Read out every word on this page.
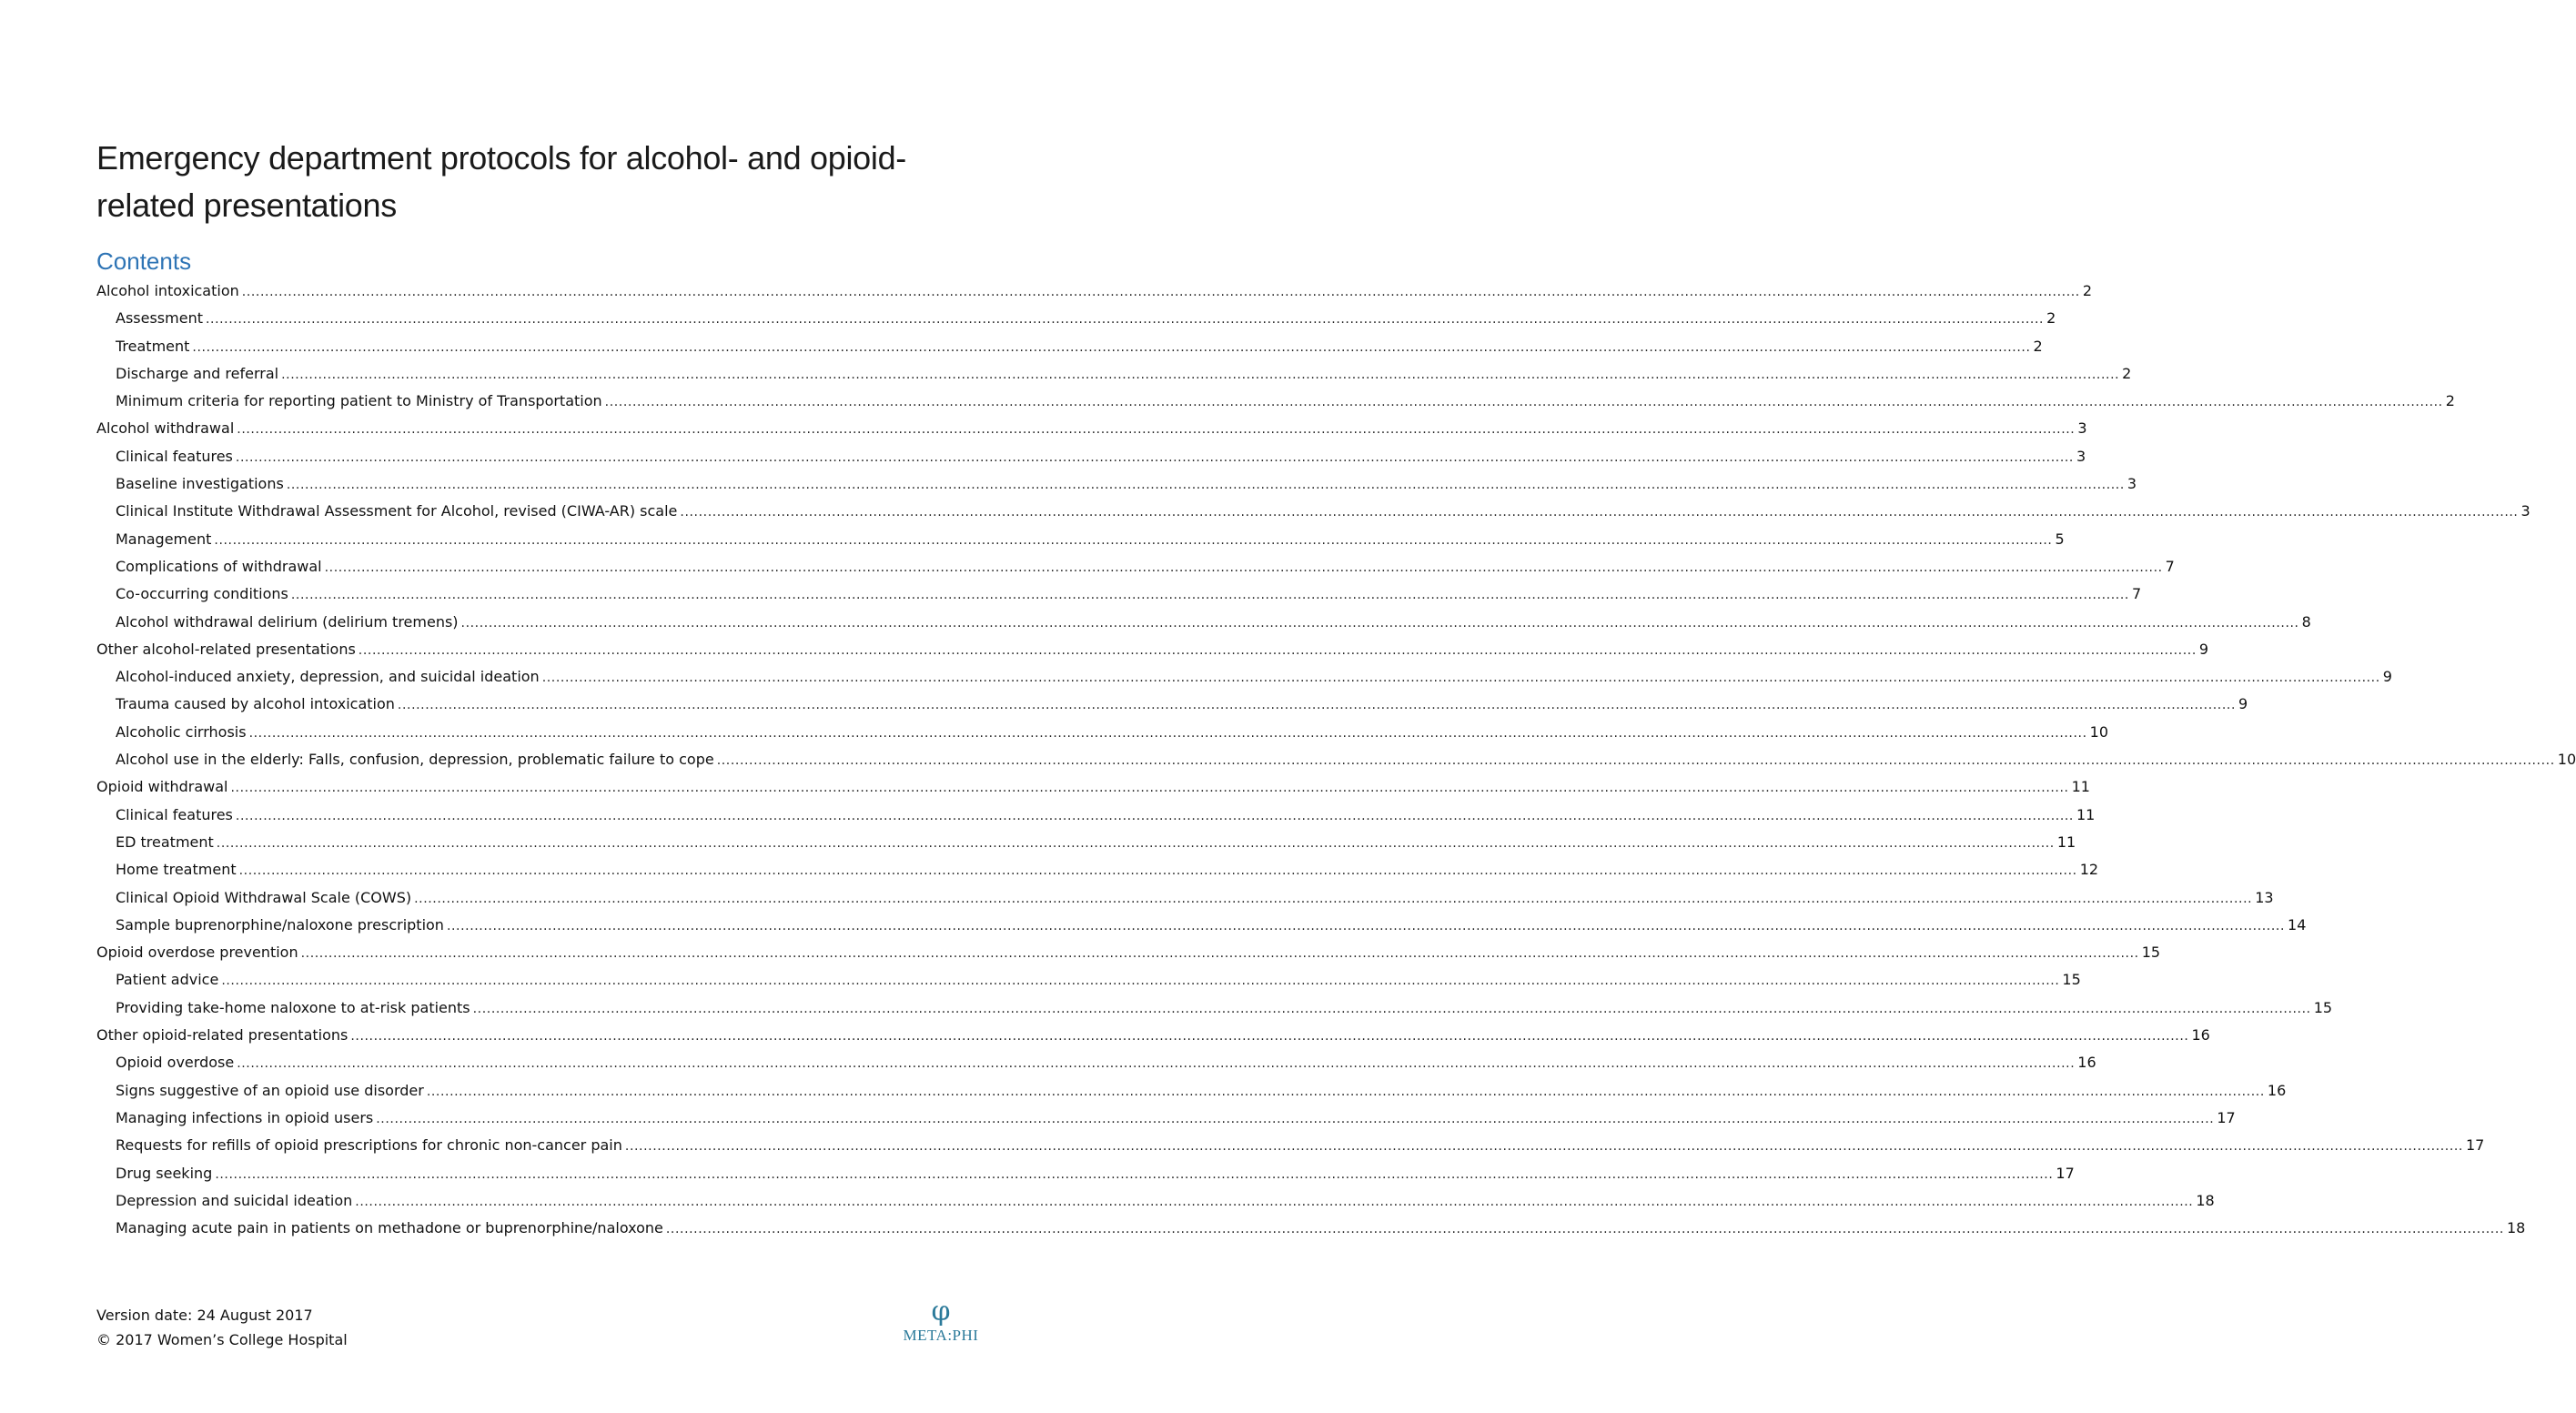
Emergency department protocols for alcohol- and opioid-
related presentations
Contents
Alcohol intoxication ................................................................................................................................................................................................................................................................................................................................................................................................................ 2
Assessment ................................................................................................................................................................................................................................................................................................................................................................................................................ 2
Treatment ................................................................................................................................................................................................................................................................................................................................................................................................................ 2
Discharge and referral ................................................................................................................................................................................................................................................................................................................................................................................................................ 2
Minimum criteria for reporting patient to Ministry of Transportation ................................................................................................................................................................................................................................................................................................................................................................................................................ 2
Alcohol withdrawal ................................................................................................................................................................................................................................................................................................................................................................................................................ 3
Clinical features ................................................................................................................................................................................................................................................................................................................................................................................................................ 3
Baseline investigations ................................................................................................................................................................................................................................................................................................................................................................................................................ 3
Clinical Institute Withdrawal Assessment for Alcohol, revised (CIWA-AR) scale ................................................................................................................................................................................................................................................................................................................................................................................................................ 3
Management ................................................................................................................................................................................................................................................................................................................................................................................................................ 5
Complications of withdrawal ................................................................................................................................................................................................................................................................................................................................................................................................................ 7
Co-occurring conditions ................................................................................................................................................................................................................................................................................................................................................................................................................ 7
Alcohol withdrawal delirium (delirium tremens) ................................................................................................................................................................................................................................................................................................................................................................................................................ 8
Other alcohol-related presentations ................................................................................................................................................................................................................................................................................................................................................................................................................ 9
Alcohol-induced anxiety, depression, and suicidal ideation ................................................................................................................................................................................................................................................................................................................................................................................................................ 9
Trauma caused by alcohol intoxication ................................................................................................................................................................................................................................................................................................................................................................................................................ 9
Alcoholic cirrhosis ................................................................................................................................................................................................................................................................................................................................................................................................................ 10
Alcohol use in the elderly: Falls, confusion, depression, problematic failure to cope ................................................................................................................................................................................................................................................................................................................................................................................................................ 10
Opioid withdrawal ................................................................................................................................................................................................................................................................................................................................................................................................................ 11
Clinical features ................................................................................................................................................................................................................................................................................................................................................................................................................ 11
ED treatment ................................................................................................................................................................................................................................................................................................................................................................................................................ 11
Home treatment ................................................................................................................................................................................................................................................................................................................................................................................................................ 12
Clinical Opioid Withdrawal Scale (COWS) ................................................................................................................................................................................................................................................................................................................................................................................................................ 13
Sample buprenorphine/naloxone prescription ................................................................................................................................................................................................................................................................................................................................................................................................................ 14
Opioid overdose prevention ................................................................................................................................................................................................................................................................................................................................................................................................................ 15
Patient advice ................................................................................................................................................................................................................................................................................................................................................................................................................ 15
Providing take-home naloxone to at-risk patients ................................................................................................................................................................................................................................................................................................................................................................................................................ 15
Other opioid-related presentations ................................................................................................................................................................................................................................................................................................................................................................................................................ 16
Opioid overdose ................................................................................................................................................................................................................................................................................................................................................................................................................ 16
Signs suggestive of an opioid use disorder ................................................................................................................................................................................................................................................................................................................................................................................................................ 16
Managing infections in opioid users ................................................................................................................................................................................................................................................................................................................................................................................................................ 17
Requests for refills of opioid prescriptions for chronic non-cancer pain ................................................................................................................................................................................................................................................................................................................................................................................................................ 17
Drug seeking ................................................................................................................................................................................................................................................................................................................................................................................................................ 17
Depression and suicidal ideation ................................................................................................................................................................................................................................................................................................................................................................................................................ 18
Managing acute pain in patients on methadone or buprenorphine/naloxone ................................................................................................................................................................................................................................................................................................................................................................................................................ 18
Version date: 24 August 2017
© 2017 Women’s College Hospital
φ
META:PHI
